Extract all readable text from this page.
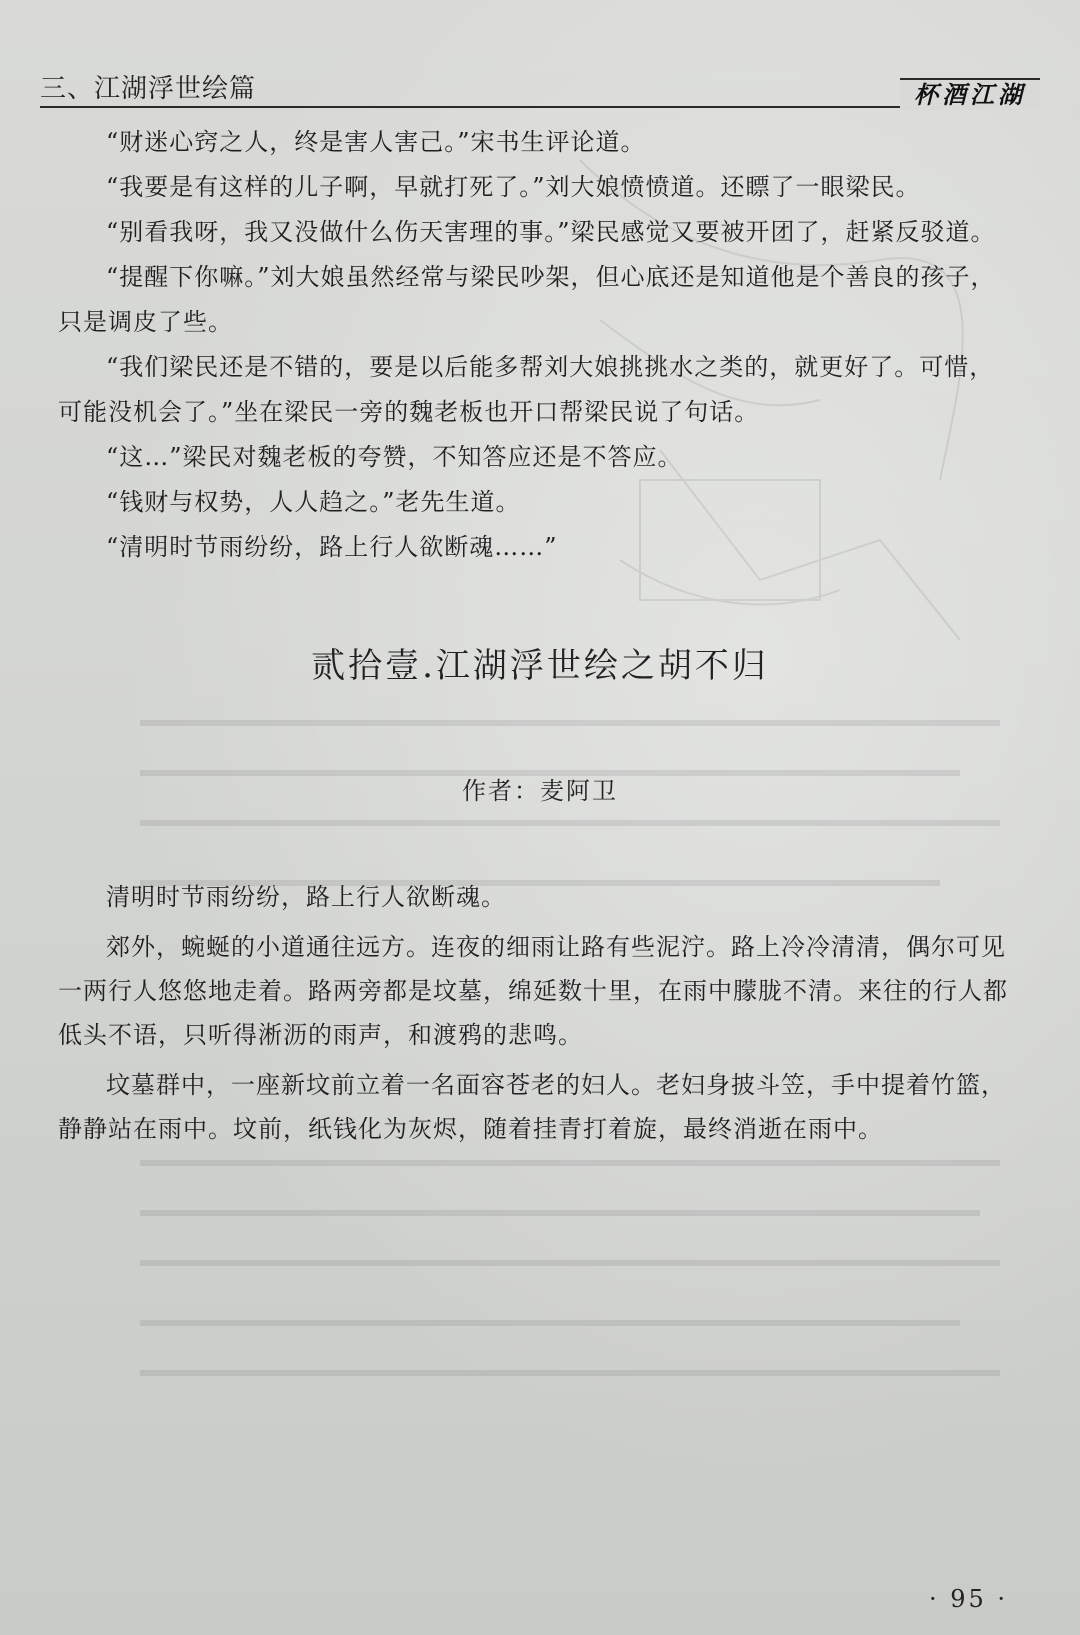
三、江湖浮世绘篇	杯酒江湖

“财迷心窍之人，终是害人害己。”宋书生评论道。

“我要是有这样的儿子啊，早就打死了。”刘大娘愤愤道。还瞟了一眼梁民。

“别看我呀，我又没做什么伤天害理的事。”梁民感觉又要被开团了，赶紧反驳道。

“提醒下你嘛。”刘大娘虽然经常与梁民吵架，但心底还是知道他是个善良的孩子，只是调皮了些。

“我们梁民还是不错的，要是以后能多帮刘大娘挑挑水之类的，就更好了。可惜，可能没机会了。”坐在梁民一旁的魏老板也开口帮梁民说了句话。

“这…”梁民对魏老板的夸赞，不知答应还是不答应。

“钱财与权势，人人趋之。”老先生道。

“清明时节雨纷纷，路上行人欲断魂……”

贰拾壹.江湖浮世绘之胡不归
作者：麦阿卫

清明时节雨纷纷，路上行人欲断魂。

郊外，蜿蜒的小道通往远方。连夜的细雨让路有些泥泞。路上冷冷清清，偶尔可见一两行人悠悠地走着。路两旁都是坟墓，绵延数十里，在雨中朦胧不清。来往的行人都低头不语，只听得淅沥的雨声，和渡鸦的悲鸣。

坟墓群中，一座新坟前立着一名面容苍老的妇人。老妇身披斗笠，手中提着竹篮，静静站在雨中。坟前，纸钱化为灰烬，随着挂青打着旋，最终消逝在雨中。

· 95 ·
